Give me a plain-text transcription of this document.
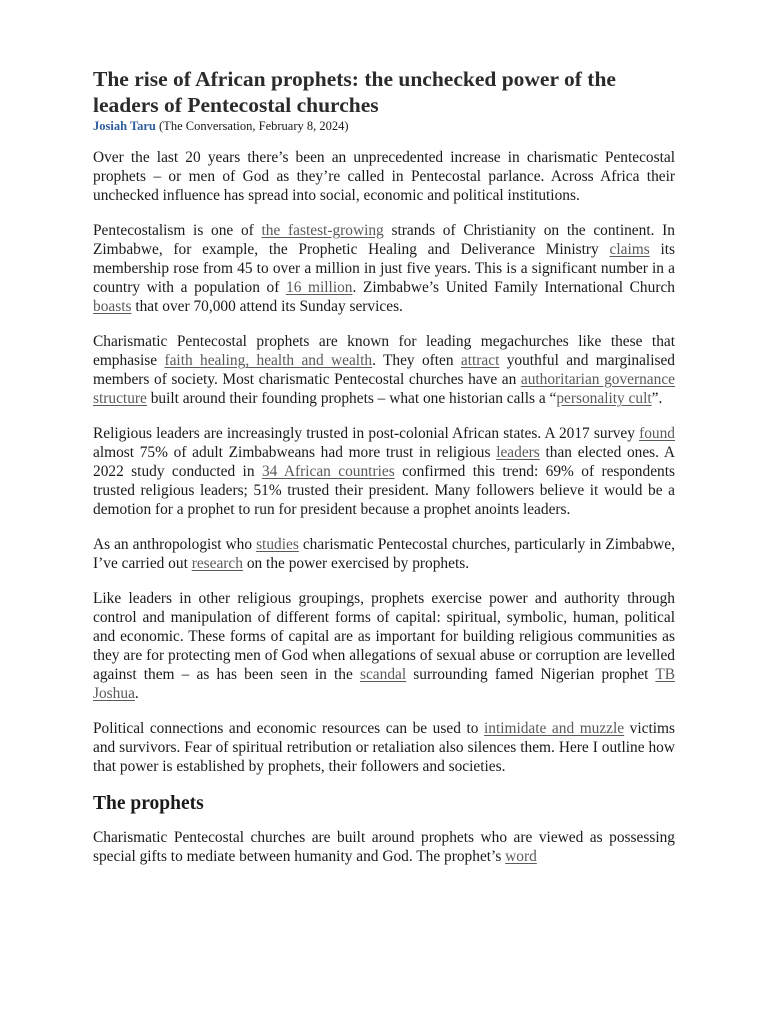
The rise of African prophets: the unchecked power of the leaders of Pentecostal churches
Josiah Taru (The Conversation, February 8, 2024)

Over the last 20 years there’s been an unprecedented increase in charismatic Pentecostal prophets – or men of God as they’re called in Pentecostal parlance. Across Africa their unchecked influence has spread into social, economic and political institutions.

Pentecostalism is one of the fastest-growing strands of Christianity on the continent. In Zimbabwe, for example, the Prophetic Healing and Deliverance Ministry claims its membership rose from 45 to over a million in just five years. This is a significant number in a country with a population of 16 million. Zimbabwe’s United Family International Church boasts that over 70,000 attend its Sunday services.

Charismatic Pentecostal prophets are known for leading megachurches like these that emphasise faith healing, health and wealth. They often attract youthful and marginalised members of society. Most charismatic Pentecostal churches have an authoritarian governance structure built around their founding prophets – what one historian calls a “personality cult”.

Religious leaders are increasingly trusted in post-colonial African states. A 2017 survey found almost 75% of adult Zimbabweans had more trust in religious leaders than elected ones. A 2022 study conducted in 34 African countries confirmed this trend: 69% of respondents trusted religious leaders; 51% trusted their president. Many followers believe it would be a demotion for a prophet to run for president because a prophet anoints leaders.

As an anthropologist who studies charismatic Pentecostal churches, particularly in Zimbabwe, I’ve carried out research on the power exercised by prophets.

Like leaders in other religious groupings, prophets exercise power and authority through control and manipulation of different forms of capital: spiritual, symbolic, human, political and economic. These forms of capital are as important for building religious communities as they are for protecting men of God when allegations of sexual abuse or corruption are levelled against them – as has been seen in the scandal surrounding famed Nigerian prophet TB Joshua.

Political connections and economic resources can be used to intimidate and muzzle victims and survivors. Fear of spiritual retribution or retaliation also silences them. Here I outline how that power is established by prophets, their followers and societies.

The prophets

Charismatic Pentecostal churches are built around prophets who are viewed as possessing special gifts to mediate between humanity and God. The prophet’s word
